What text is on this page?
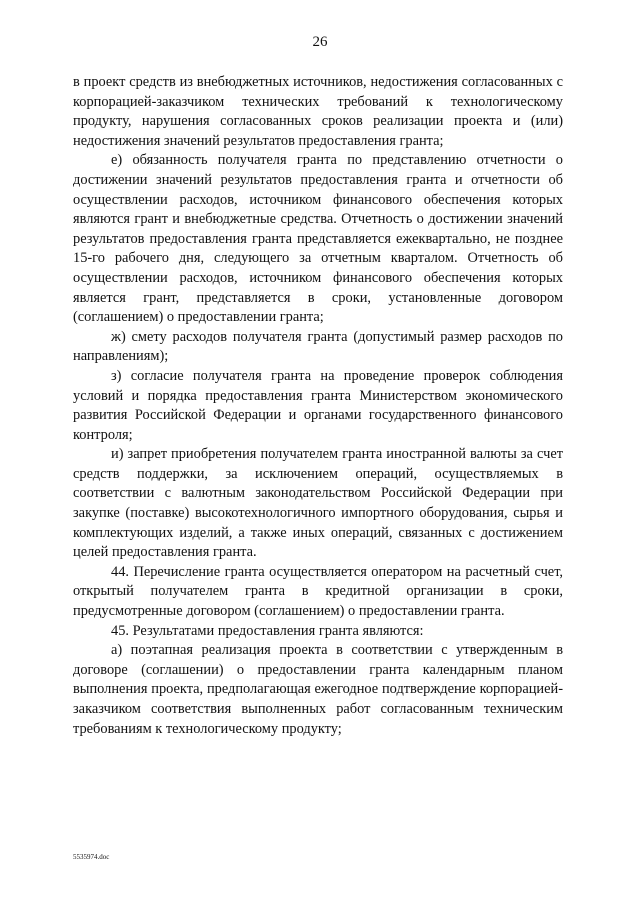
26

в проект средств из внебюджетных источников, недостижения согласованных с корпорацией-заказчиком технических требований к технологическому продукту, нарушения согласованных сроков реализации проекта и (или) недостижения значений результатов предоставления гранта;

е) обязанность получателя гранта по представлению отчетности о достижении значений результатов предоставления гранта и отчетности об осуществлении расходов, источником финансового обеспечения которых являются грант и внебюджетные средства. Отчетность о достижении значений результатов предоставления гранта представляется ежеквартально, не позднее 15-го рабочего дня, следующего за отчетным кварталом. Отчетность об осуществлении расходов, источником финансового обеспечения которых является грант, представляется в сроки, установленные договором (соглашением) о предоставлении гранта;

ж) смету расходов получателя гранта (допустимый размер расходов по направлениям);

з) согласие получателя гранта на проведение проверок соблюдения условий и порядка предоставления гранта Министерством экономического развития Российской Федерации и органами государственного финансового контроля;

и) запрет приобретения получателем гранта иностранной валюты за счет средств поддержки, за исключением операций, осуществляемых в соответствии с валютным законодательством Российской Федерации при закупке (поставке) высокотехнологичного импортного оборудования, сырья и комплектующих изделий, а также иных операций, связанных с достижением целей предоставления гранта.

44. Перечисление гранта осуществляется оператором на расчетный счет, открытый получателем гранта в кредитной организации в сроки, предусмотренные договором (соглашением) о предоставлении гранта.

45. Результатами предоставления гранта являются:

а) поэтапная реализация проекта в соответствии с утвержденным в договоре (соглашении) о предоставлении гранта календарным планом выполнения проекта, предполагающая ежегодное подтверждение корпорацией-заказчиком соответствия выполненных работ согласованным техническим требованиям к технологическому продукту;

5535974.doc
